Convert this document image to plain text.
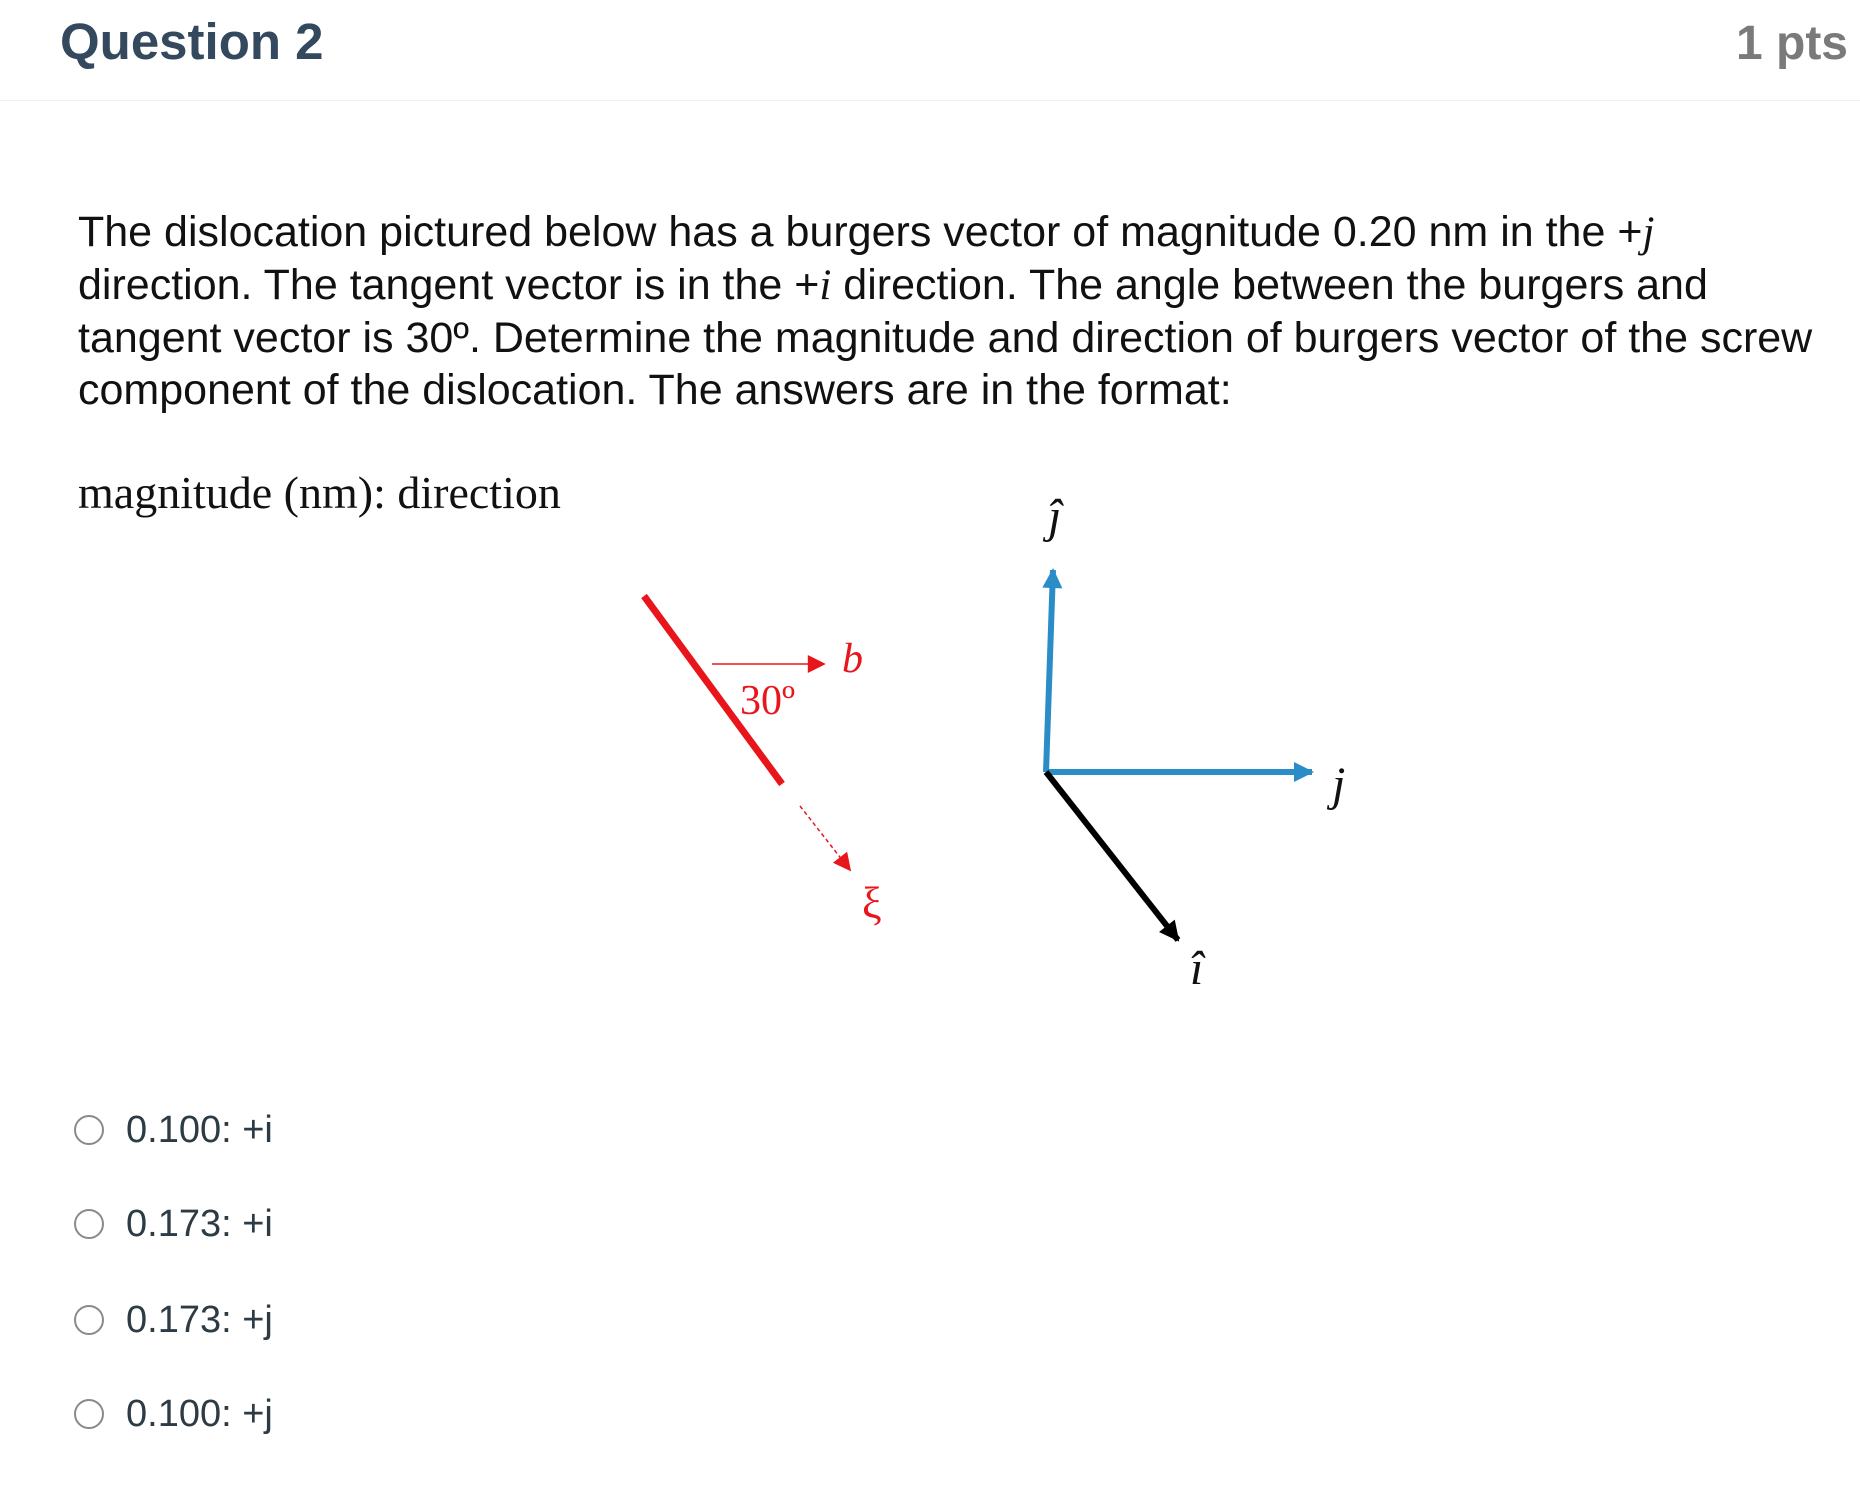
Question 2	1 pts
The dislocation pictured below has a burgers vector of magnitude 0.20 nm in the +j direction. The tangent vector is in the +i direction. The angle between the burgers and tangent vector is 30º. Determine the magnitude and direction of burgers vector of the screw component of the dislocation. The answers are in the format:
magnitude (nm): direction
30º
b
ξ
ĵ
j
î
0.100: +i
0.173: +i
0.173: +j
0.100: +j
